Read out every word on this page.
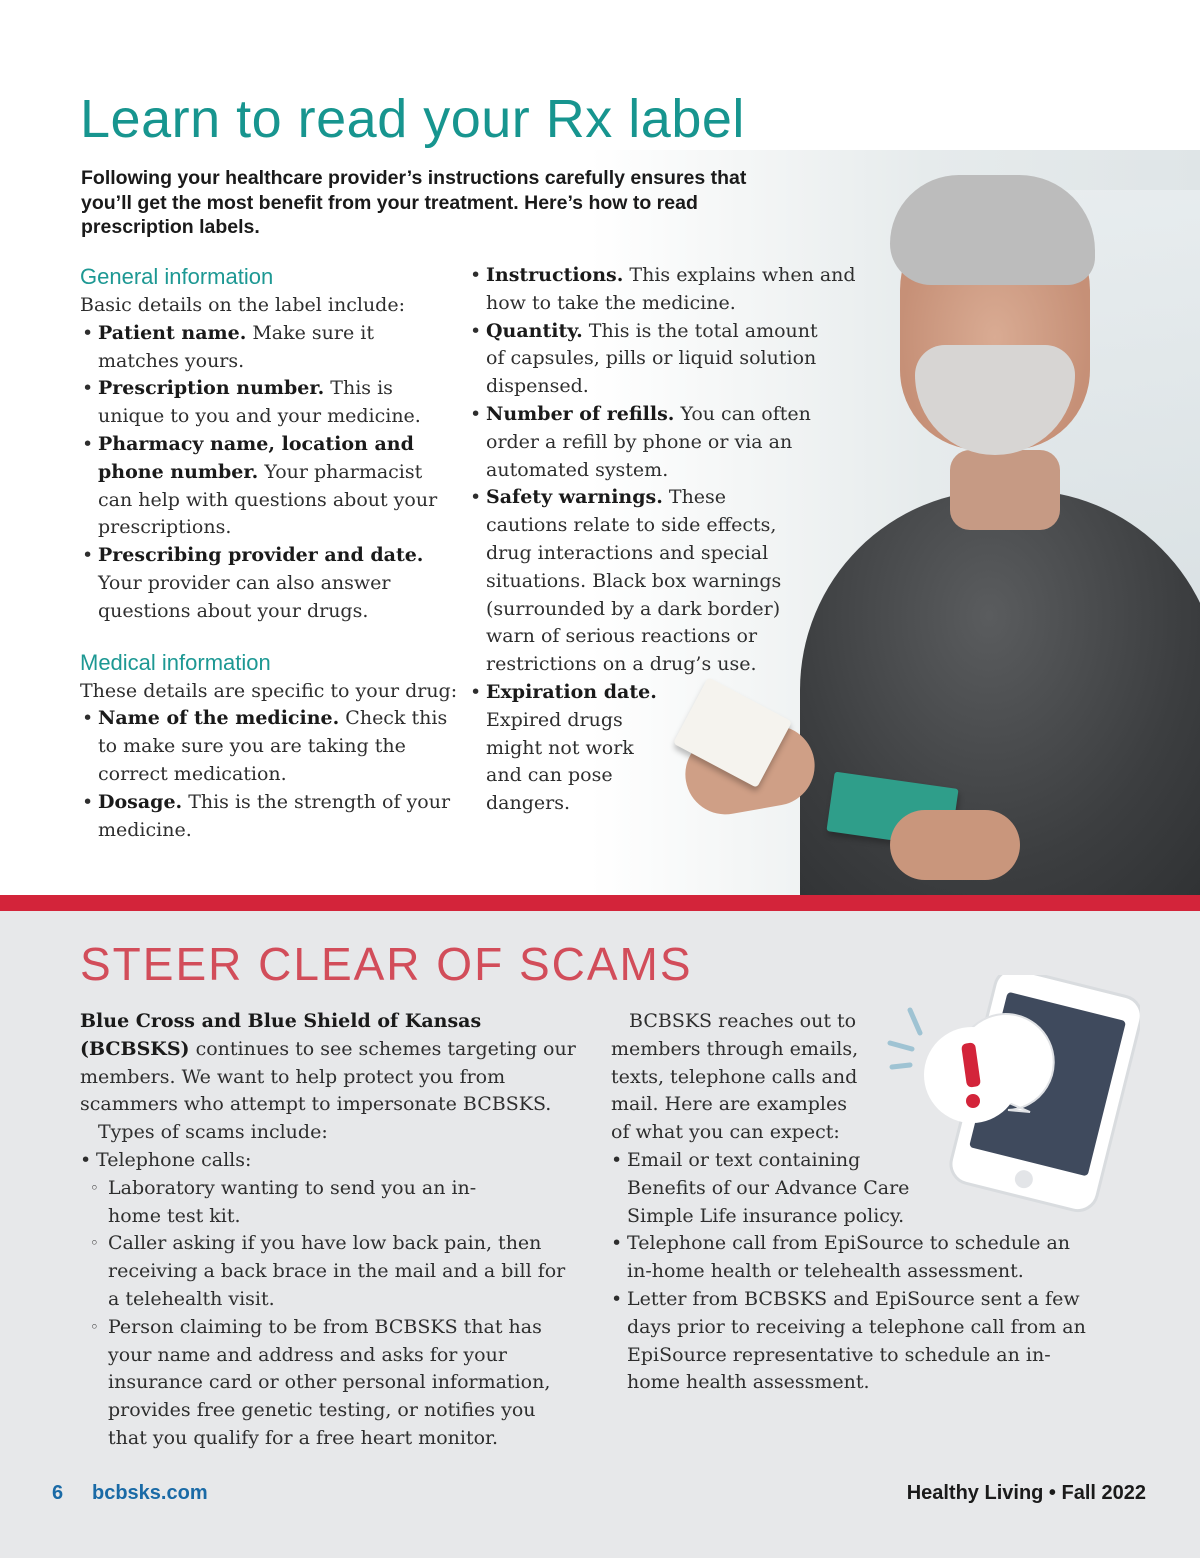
Learn to read your Rx label

Following your healthcare provider’s instructions carefully ensures that you’ll get the most benefit from your treatment. Here’s how to read prescription labels.

General information

Basic details on the label include:

• Patient name. Make sure it matches yours.
• Prescription number. This is unique to you and your medicine.
• Pharmacy name, location and phone number. Your pharmacist can help with questions about your prescriptions.
• Prescribing provider and date. Your provider can also answer questions about your drugs.
Medical information

These details are specific to your drug:

• Name of the medicine. Check this to make sure you are taking the correct medication.
• Dosage. This is the strength of your medicine.
• Instructions. This explains when and how to take the medicine.
• Quantity. This is the total amount of capsules, pills or liquid solution dispensed.
• Number of refills. You can often order a refill by phone or via an automated system.
• Safety warnings. These cautions relate to side effects, drug interactions and special situations. Black box warnings (surrounded by a dark border) warn of serious reactions or restrictions on a drug’s use.
• Expiration date. Expired drugs might not work and can pose dangers.
STEER CLEAR OF SCAMS

Blue Cross and Blue Shield of Kansas (BCBSKS) continues to see schemes targeting our members. We want to help protect you from scammers who attempt to impersonate BCBSKS.

Types of scams include:

• Telephone calls:
◦ Laboratory wanting to send you an in-home test kit.
◦ Caller asking if you have low back pain, then receiving a back brace in the mail and a bill for a telehealth visit.
◦ Person claiming to be from BCBSKS that has your name and address and asks for your insurance card or other personal information, provides free genetic testing, or notifies you that you qualify for a free heart monitor.

BCBSKS reaches out to members through emails, texts, telephone calls and mail. Here are examples of what you can expect:

• Email or text containing Benefits of our Advance Care Simple Life insurance policy.
• Telephone call from EpiSource to schedule an in-home health or telehealth assessment.
• Letter from BCBSKS and EpiSource sent a few days prior to receiving a telephone call from an EpiSource representative to schedule an in-home health assessment.
6 bcbsks.com	Healthy Living • Fall 2022
